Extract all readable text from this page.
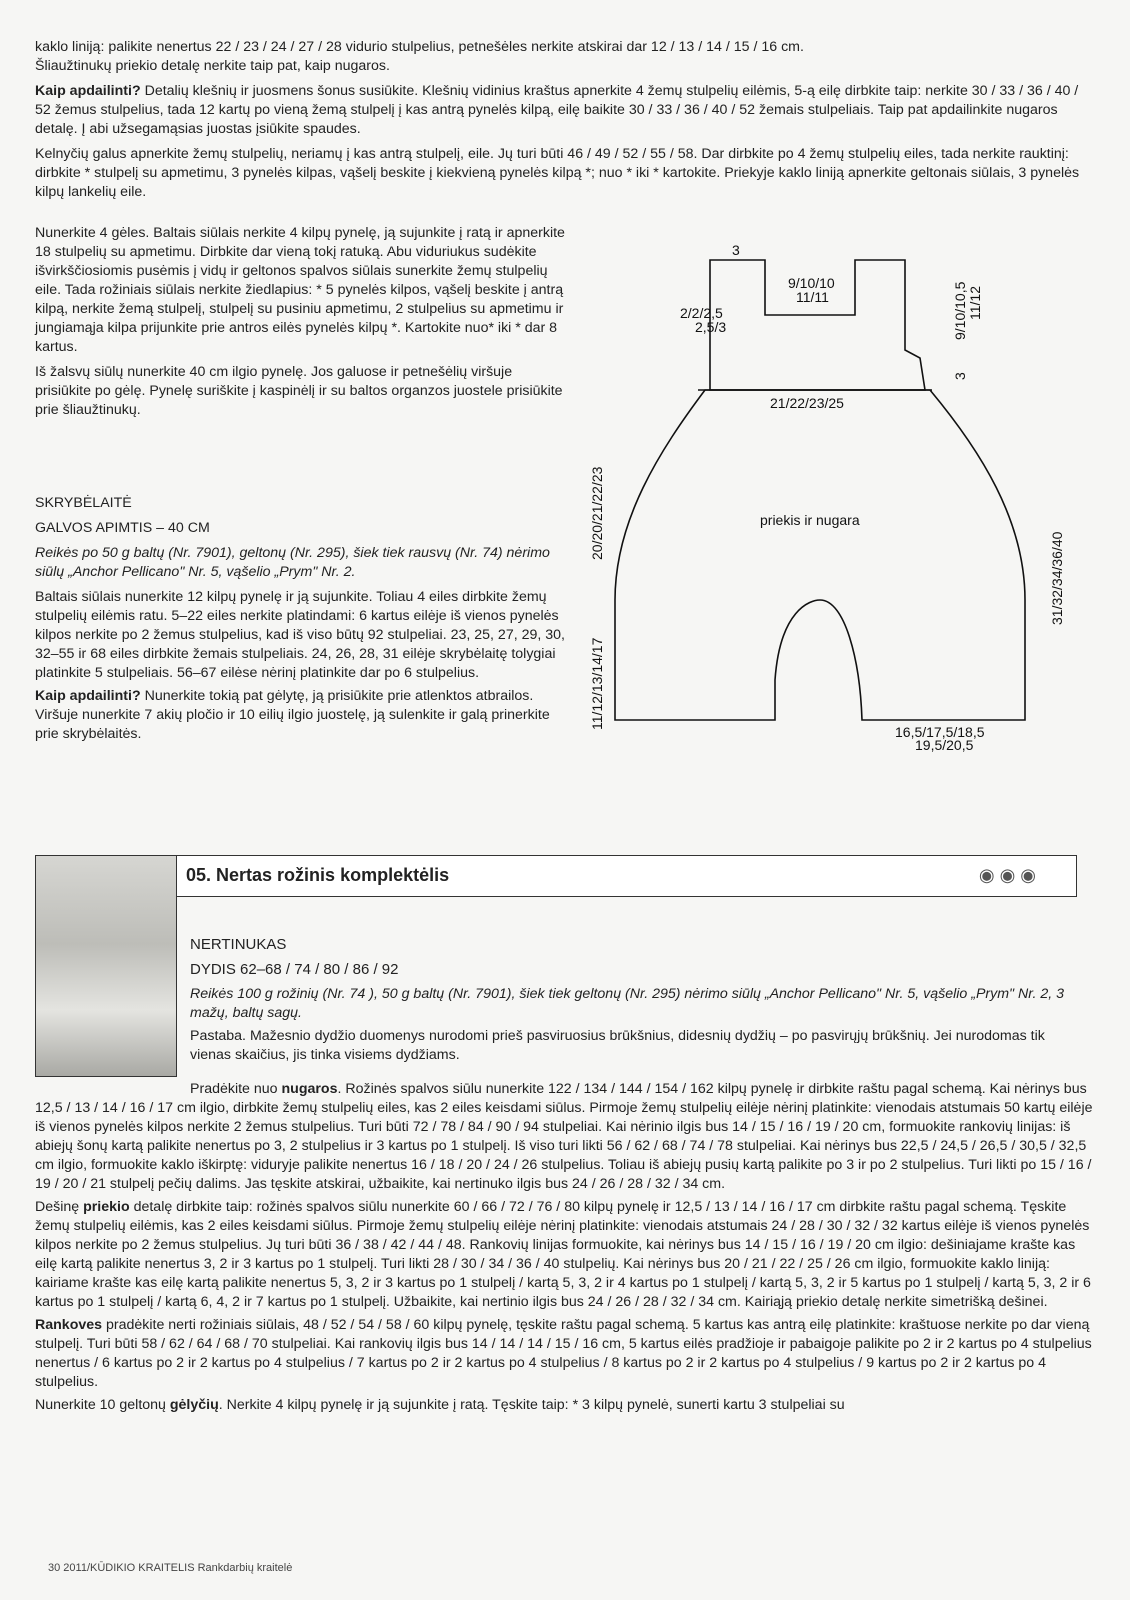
kaklo liniją: palikite nenertus 22 / 23 / 24 / 27 / 28 vidurio stulpelius, petnešėles nerkite atskirai dar 12 / 13 / 14 / 15 / 16 cm.

Šliaužtinukų priekio detalę nerkite taip pat, kaip nugaros.

Kaip apdailinti? Detalių klešnių ir juosmens šonus susiūkite. Klešnių vidinius kraštus apnerkite 4 žemų stulpelių eilėmis, 5-ą eilę dirbkite taip: nerkite 30 / 33 / 36 / 40 / 52 žemus stulpelius, tada 12 kartų po vieną žemą stulpelį į kas antrą pynelės kilpą, eilę baikite 30 / 33 / 36 / 40 / 52 žemais stulpeliais. Taip pat apdailinkite nugaros detalę. Į abi užsegamąsias juostas įsiūkite spaudes.

Kelnyčių galus apnerkite žemų stulpelių, neriamų į kas antrą stulpelį, eile. Jų turi būti 46 / 49 / 52 / 55 / 58. Dar dirbkite po 4 žemų stulpelių eiles, tada nerkite rauktinį: dirbkite * stulpelį su apmetimu, 3 pynelės kilpas, vąšelį beskite į kiekvieną pynelės kilpą *; nuo * iki * kartokite. Priekyje kaklo liniją apnerkite geltonais siūlais, 3 pynelės kilpų lankelių eile.

Nunerkite 4 gėles. Baltais siūlais nerkite 4 kilpų pynelę, ją sujunkite į ratą ir apnerkite 18 stulpelių su apmetimu. Dirbkite dar vieną tokį ratuką. Abu viduriukus sudėkite išvirkščiosiomis pusėmis į vidų ir geltonos spalvos siūlais sunerkite žemų stulpelių eile. Tada rožiniais siūlais nerkite žiedlapius: * 5 pynelės kilpos, vąšelį beskite į antrą kilpą, nerkite žemą stulpelį, stulpelį su pusiniu apmetimu, 2 stulpelius su apmetimu ir jungiamąja kilpa prijunkite prie antros eilės pynelės kilpų *. Kartokite nuo* iki * dar 8 kartus.

Iš žalsvų siūlų nunerkite 40 cm ilgio pynelę. Jos galuose ir petnešėlių viršuje prisiūkite po gėlę. Pynelę suriškite į kaspinėlį ir su baltos organzos juostele prisiūkite prie šliaužtinukų.

SKRYBĖLAITĖ

GALVOS APIMTIS – 40 CM

Reikės po 50 g baltų (Nr. 7901), geltonų (Nr. 295), šiek tiek rausvų (Nr. 74) nėrimo siūlų „Anchor Pellicano" Nr. 5, vąšelio „Prym" Nr. 2.

Baltais siūlais nunerkite 12 kilpų pynelę ir ją sujunkite. Toliau 4 eiles dirbkite žemų stulpelių eilėmis ratu. 5–22 eiles nerkite platindami: 6 kartus eilėje iš vienos pynelės kilpos nerkite po 2 žemus stulpelius, kad iš viso būtų 92 stulpeliai. 23, 25, 27, 29, 30, 32–55 ir 68 eiles dirbkite žemais stulpeliais. 24, 26, 28, 31 eilėje skrybėlaitę tolygiai platinkite 5 stulpeliais. 56–67 eilėse nėrinį platinkite dar po 6 stulpelius.

Kaip apdailinti? Nunerkite tokią pat gėlytę, ją prisiūkite prie atlenktos atbrailos. Viršuje nunerkite 7 akių pločio ir 10 eilių ilgio juostelę, ją sulenkite ir galą prinerkite prie skrybėlaitės.

3
9/10/10
11/11
2/2/2,5
2,5/3
21/22/23/25
priekis ir nugara
16,5/17,5/18,5
19,5/20,5
9/10/10,5 11/12
3
20/20/21/22/23
11/12/13/14/17
31/32/34/36/40
05. Nertas rožinis komplektėlis	◉ ◉ ◉

NERTINUKAS

DYDIS 62–68 / 74 / 80 / 86 / 92

Reikės 100 g rožinių (Nr. 74 ), 50 g baltų (Nr. 7901), šiek tiek geltonų (Nr. 295) nėrimo siūlų „Anchor Pellicano" Nr. 5, vąšelio „Prym" Nr. 2, 3 mažų, baltų sagų.

Pastaba. Mažesnio dydžio duomenys nurodomi prieš pasviruosius brūkšnius, didesnių dydžių – po pasvirųjų brūkšnių. Jei nurodomas tik vienas skaičius, jis tinka visiems dydžiams.

Pradėkite nuo nugaros. Rožinės spalvos siūlu nunerkite 122 / 134 / 144 / 154 / 162 kilpų pynelę ir dirbkite raštu pagal schemą. Kai nėrinys bus 12,5 / 13 / 14 / 16 / 17 cm ilgio, dirbkite žemų stulpelių eiles, kas 2 eiles keisdami siūlus. Pirmoje žemų stulpelių eilėje nėrinį platinkite: vienodais atstumais 50 kartų eilėje iš vienos pynelės kilpos nerkite 2 žemus stulpelius. Turi būti 72 / 78 / 84 / 90 / 94 stulpeliai. Kai nėrinio ilgis bus 14 / 15 / 16 / 19 / 20 cm, formuokite rankovių linijas: iš abiejų šonų kartą palikite nenertus po 3, 2 stulpelius ir 3 kartus po 1 stulpelį. Iš viso turi likti 56 / 62 / 68 / 74 / 78 stulpeliai. Kai nėrinys bus 22,5 / 24,5 / 26,5 / 30,5 / 32,5 cm ilgio, formuokite kaklo iškirptę: viduryje palikite nenertus 16 / 18 / 20 / 24 / 26 stulpelius. Toliau iš abiejų pusių kartą palikite po 3 ir po 2 stulpelius. Turi likti po 15 / 16 / 19 / 20 / 21 stulpelį pečių dalims. Jas tęskite atskirai, užbaikite, kai nertinuko ilgis bus 24 / 26 / 28 / 32 / 34 cm.

Dešinę priekio detalę dirbkite taip: rožinės spalvos siūlu nunerkite 60 / 66 / 72 / 76 / 80 kilpų pynelę ir 12,5 / 13 / 14 / 16 / 17 cm dirbkite raštu pagal schemą. Tęskite žemų stulpelių eilėmis, kas 2 eiles keisdami siūlus. Pirmoje žemų stulpelių eilėje nėrinį platinkite: vienodais atstumais 24 / 28 / 30 / 32 / 32 kartus eilėje iš vienos pynelės kilpos nerkite po 2 žemus stulpelius. Jų turi būti 36 / 38 / 42 / 44 / 48. Rankovių linijas formuokite, kai nėrinys bus 14 / 15 / 16 / 19 / 20 cm ilgio: dešiniajame krašte kas eilę kartą palikite nenertus 3, 2 ir 3 kartus po 1 stulpelį. Turi likti 28 / 30 / 34 / 36 / 40 stulpelių. Kai nėrinys bus 20 / 21 / 22 / 25 / 26 cm ilgio, formuokite kaklo liniją: kairiame krašte kas eilę kartą palikite nenertus 5, 3, 2 ir 3 kartus po 1 stulpelį / kartą 5, 3, 2 ir 4 kartus po 1 stulpelį / kartą 5, 3, 2 ir 5 kartus po 1 stulpelį / kartą 5, 3, 2 ir 6 kartus po 1 stulpelį / kartą 6, 4, 2 ir 7 kartus po 1 stulpelį. Užbaikite, kai nertinio ilgis bus 24 / 26 / 28 / 32 / 34 cm. Kairiąją priekio detalę nerkite simetrišką dešinei.

Rankoves pradėkite nerti rožiniais siūlais, 48 / 52 / 54 / 58 / 60 kilpų pynelę, tęskite raštu pagal schemą. 5 kartus kas antrą eilę platinkite: kraštuose nerkite po dar vieną stulpelį. Turi būti 58 / 62 / 64 / 68 / 70 stulpeliai. Kai rankovių ilgis bus 14 / 14 / 14 / 15 / 16 cm, 5 kartus eilės pradžioje ir pabaigoje palikite po 2 ir 2 kartus po 4 stulpelius nenertus / 6 kartus po 2 ir 2 kartus po 4 stulpelius / 7 kartus po 2 ir 2 kartus po 4 stulpelius / 8 kartus po 2 ir 2 kartus po 4 stulpelius / 9 kartus po 2 ir 2 kartus po 4 stulpelius.

Nunerkite 10 geltonų gėlyčių. Nerkite 4 kilpų pynelę ir ją sujunkite į ratą. Tęskite taip: * 3 kilpų pynelė, sunerti kartu 3 stulpeliai su

30 2011/KŪDIKIO KRAITELIS Rankdarbių kraitelė
